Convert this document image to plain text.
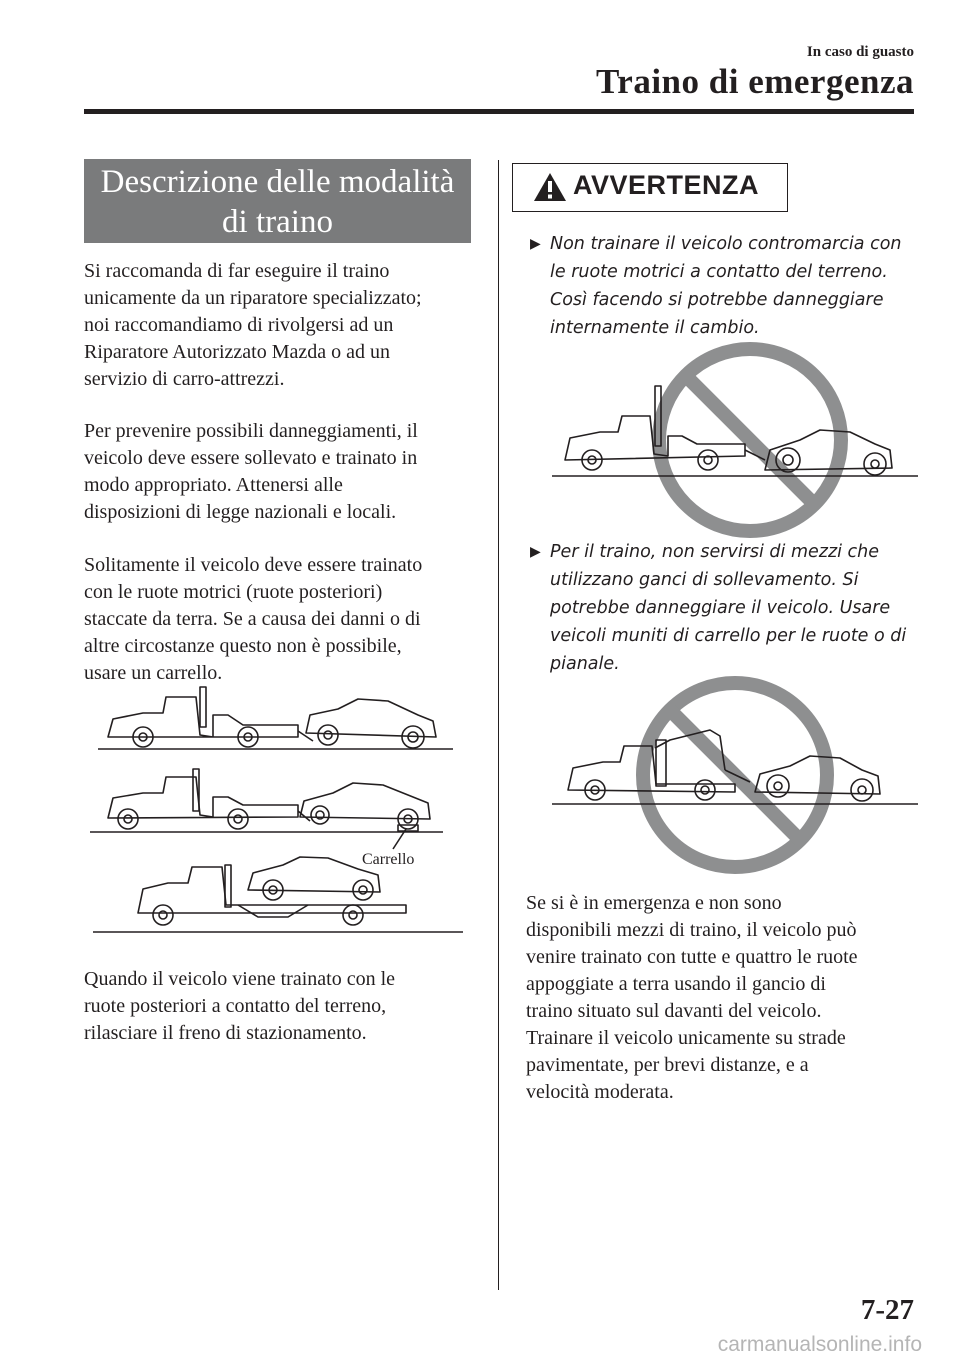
In caso di guasto
Traino di emergenza
Descrizione delle modalità
di traino
Si raccomanda di far eseguire il traino
unicamente da un riparatore specializzato;
noi raccomandiamo di rivolgersi ad un
Riparatore Autorizzato Mazda o ad un
servizio di carro-attrezzi.
Per prevenire possibili danneggiamenti, il
veicolo deve essere sollevato e trainato in
modo appropriato. Attenersi alle
disposizioni di legge nazionali e locali.
Solitamente il veicolo deve essere trainato
con le ruote motrici (ruote posteriori)
staccate da terra. Se a causa dei danni o di
altre circostanze questo non è possibile,
usare un carrello.
Carrello
Quando il veicolo viene trainato con le
ruote posteriori a contatto del terreno,
rilasciare il freno di stazionamento.
AVVERTENZA
▶ Non trainare il veicolo contromarcia con
le ruote motrici a contatto del terreno.
Così facendo si potrebbe danneggiare
internamente il cambio.
▶ Per il traino, non servirsi di mezzi che
utilizzano ganci di sollevamento. Si
potrebbe danneggiare il veicolo. Usare
veicoli muniti di carrello per le ruote o di
pianale.
Se si è in emergenza e non sono
disponibili mezzi di traino, il veicolo può
venire trainato con tutte e quattro le ruote
appoggiate a terra usando il gancio di
traino situato sul davanti del veicolo.
Trainare il veicolo unicamente su strade
pavimentate, per brevi distanze, e a
velocità moderata.
7-27
carmanualsonline.info
